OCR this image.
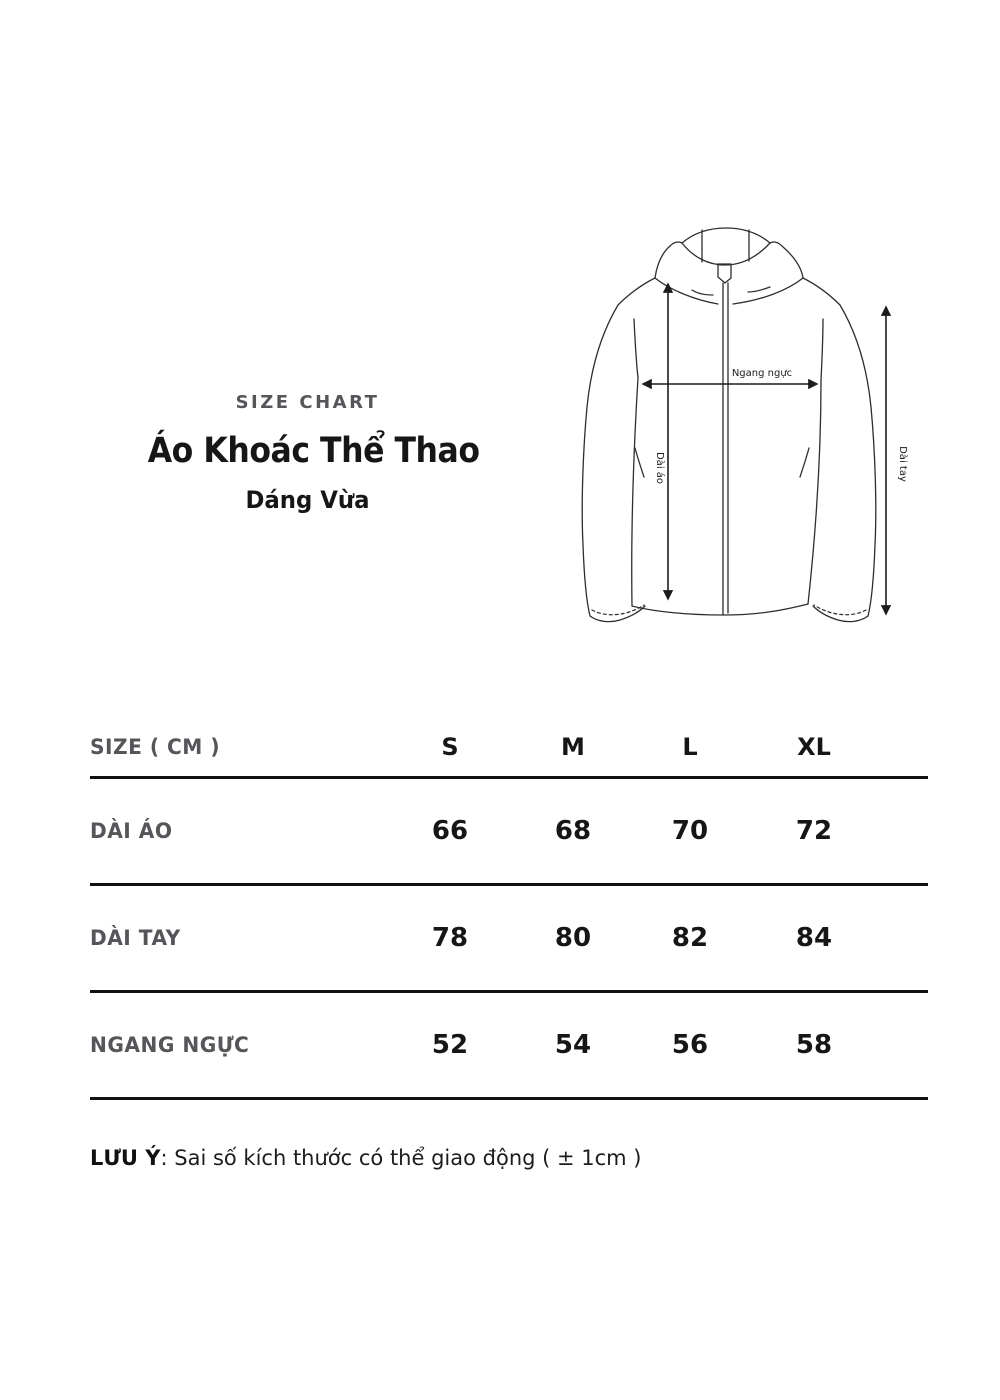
SIZE CHART
Áo Khoác Thể Thao
Dáng Vừa
Dài áo
Ngang ngực
Dài tay
SIZE ( CM )	S	M	L	XL
DÀI ÁO	66	68	70	72
DÀI TAY	78	80	82	84
NGANG NGỰC	52	54	56	58

LƯU Ý: Sai số kích thước có thể giao động ( ± 1cm )
